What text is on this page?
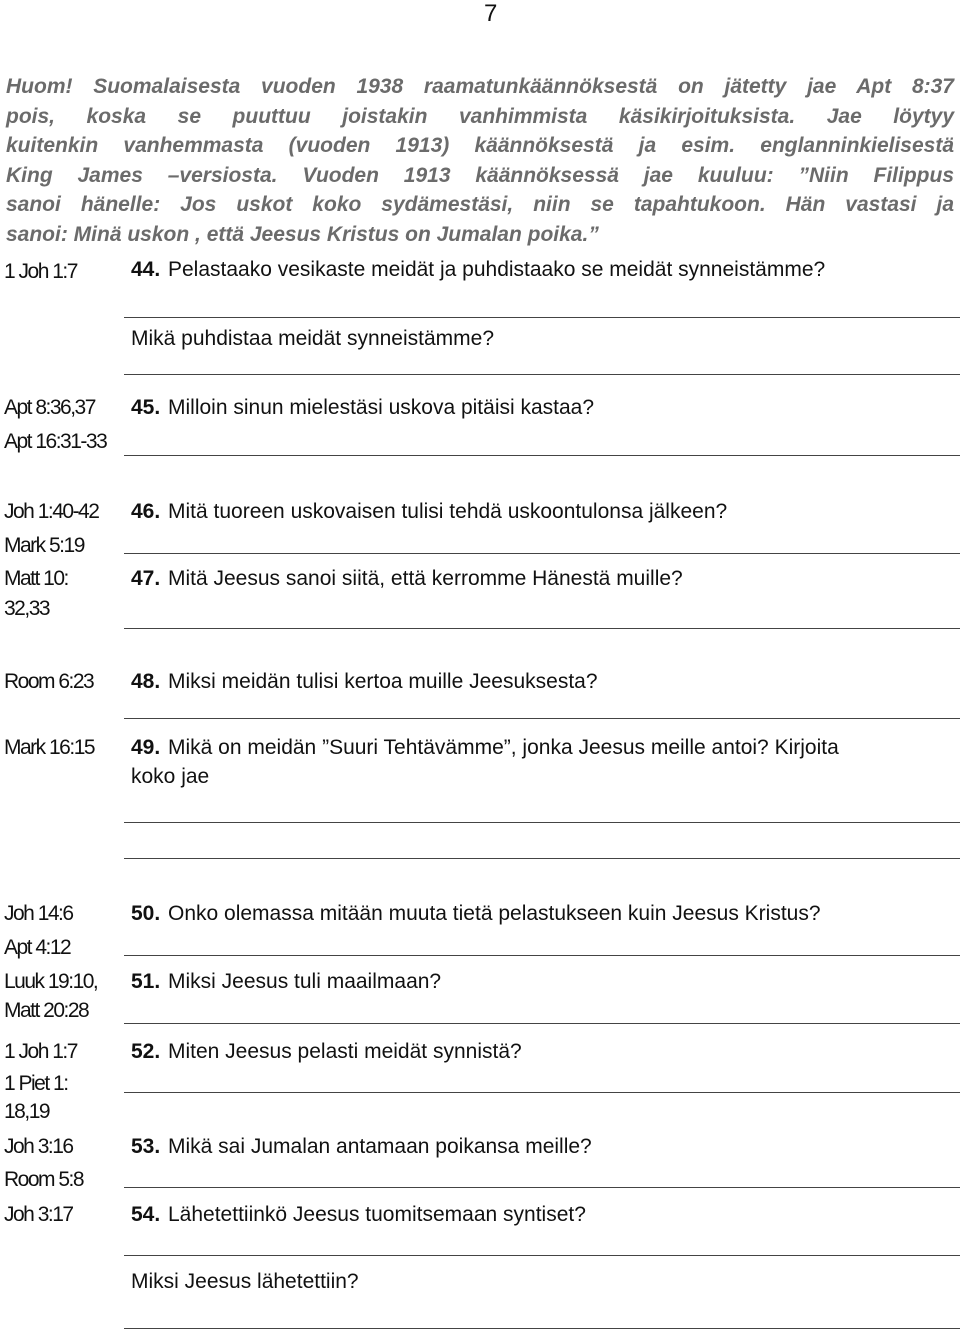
7
Huom! Suomalaisesta vuoden 1938 raamatunkäännöksestä on jätetty jae Apt 8:37
pois, koska se puuttuu joistakin vanhimmista käsikirjoituksista. Jae löytyy
kuitenkin vanhemmasta (vuoden 1913) käännöksestä ja esim. englanninkielisestä
King James –versiosta. Vuoden 1913 käännöksessä jae kuuluu: ”Niin Filippus
sanoi hänelle: Jos uskot koko sydämestäsi, niin se tapahtukoon. Hän vastasi ja
sanoi: Minä uskon , että Jeesus Kristus on Jumalan poika.”
1 Joh 1:7	44. Pelastaako vesikaste meidät ja puhdistaako se meidät synneistämme?
Mikä puhdistaa meidät synneistämme?
Apt 8:36,37
Apt 16:31-33
45. Milloin sinun mielestäsi uskova pitäisi kastaa?
Joh 1:40-42
Mark 5:19
46. Mitä tuoreen uskovaisen tulisi tehdä uskoontulonsa jälkeen?
Matt 10:
32,33
47. Mitä Jeesus sanoi siitä, että kerromme Hänestä muille?
Room 6:23 48. Miksi meidän tulisi kertoa muille Jeesuksesta?
Mark 16:15 49. Mikä on meidän ”Suuri Tehtävämme”, jonka Jeesus meille antoi? Kirjoita
koko jae
Joh 14:6
Apt 4:12
50. Onko olemassa mitään muuta tietä pelastukseen kuin Jeesus Kristus?
Luuk 19:10,
Matt 20:28
51. Miksi Jeesus tuli maailmaan?
1 Joh 1:7
1 Piet 1:
18,19
52. Miten Jeesus pelasti meidät synnistä?
Joh 3:16
Room 5:8
53. Mikä sai Jumalan antamaan poikansa meille?
Joh 3:17	54. Lähetettiinkö Jeesus tuomitsemaan syntiset?
Miksi Jeesus lähetettiin?
